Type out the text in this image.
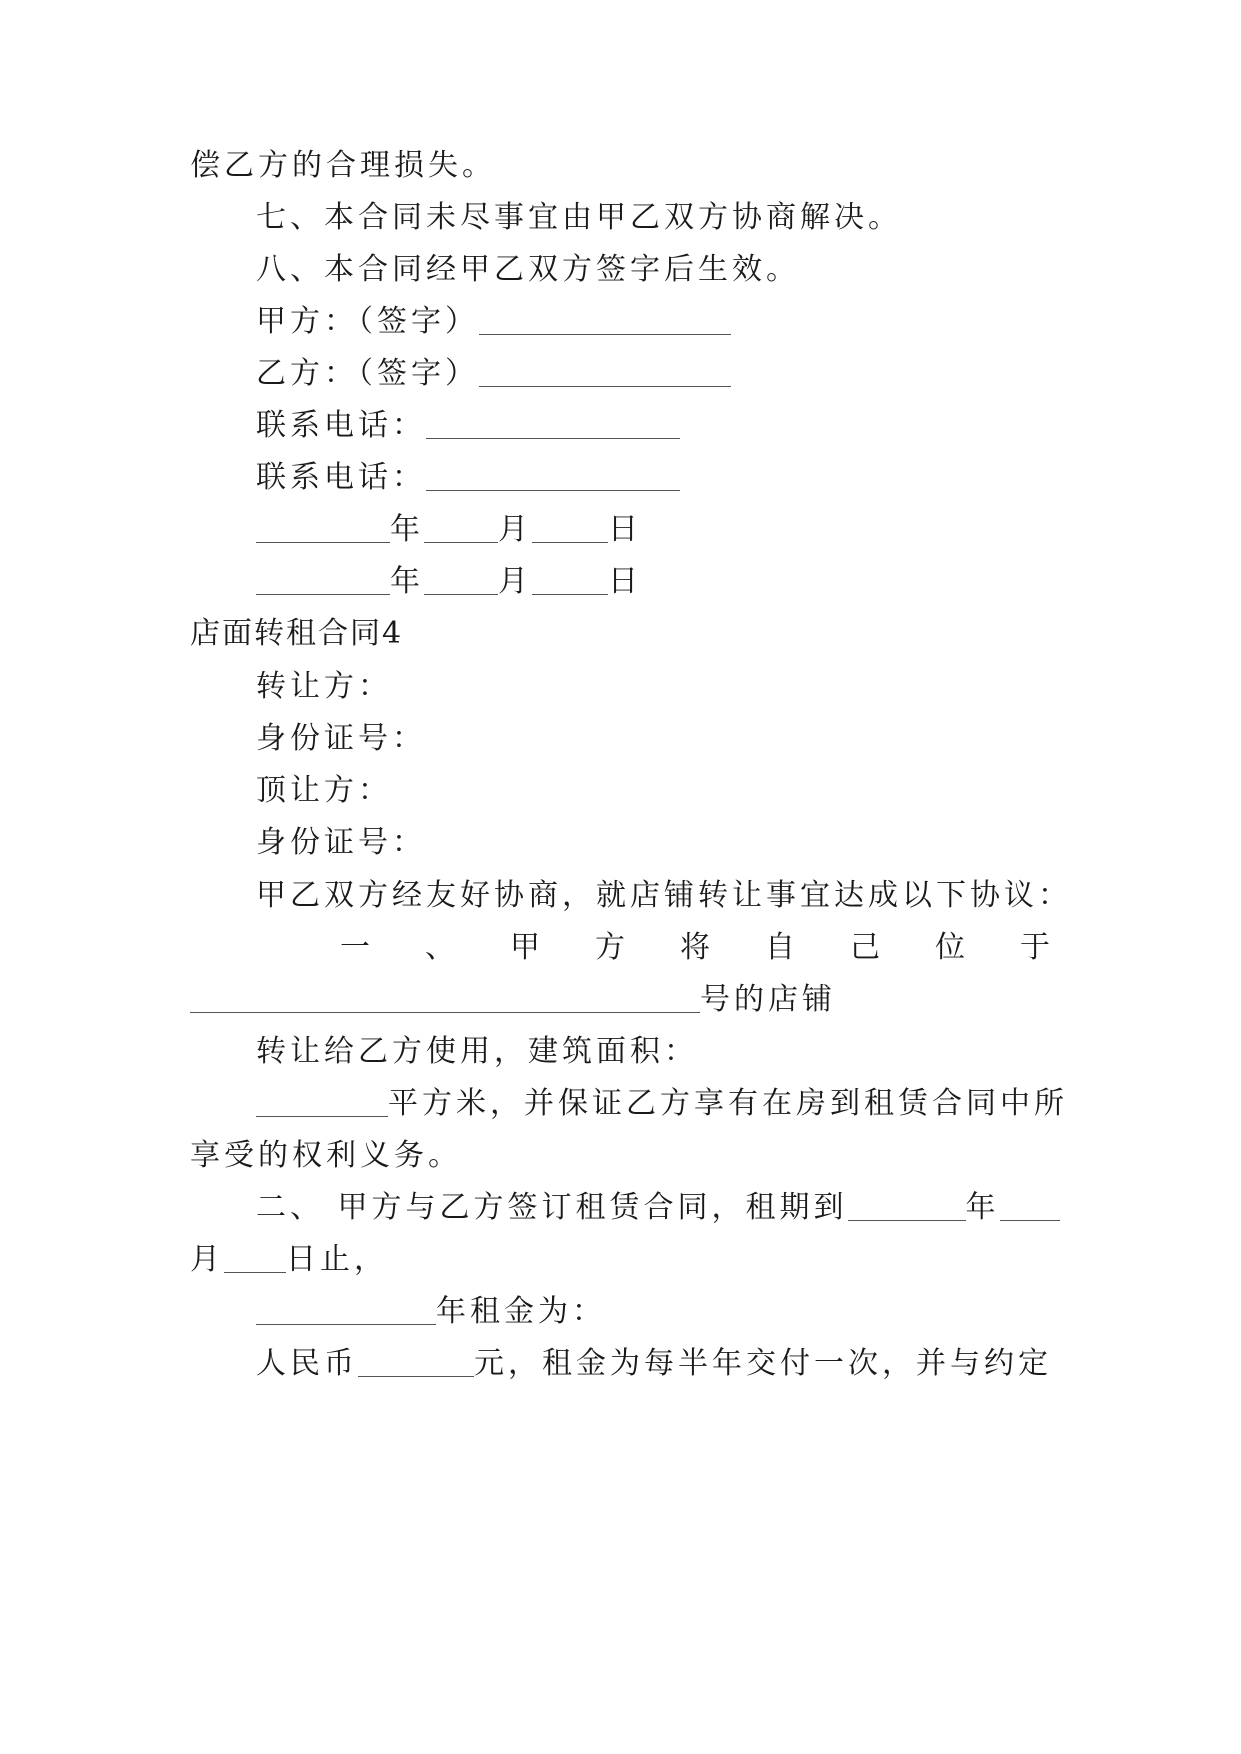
偿乙方的合理损失。
七、本合同未尽事宜由甲乙双方协商解决。
八、本合同经甲乙双方签字后生效。
甲方：（签字）
乙方：（签字）
联系电话：
联系电话：
年 月	日
年 月	日
店面转租合同4
转让方：
身份证号：
顶让方：
身份证号：
甲乙双方经友好协商，就店铺转让事宜达成以下协议：
一 、 甲 方 将 自 己 位 于
号的店铺
转让给乙方使用，建筑面积：
平方米，并保证乙方享有在房到租赁合同中所
享受的权利义务。
二、 甲方与乙方签订租赁合同，租期到	年
月 日止，
年租金为：
人民币	元，租金为每半年交付一次，并与约定
